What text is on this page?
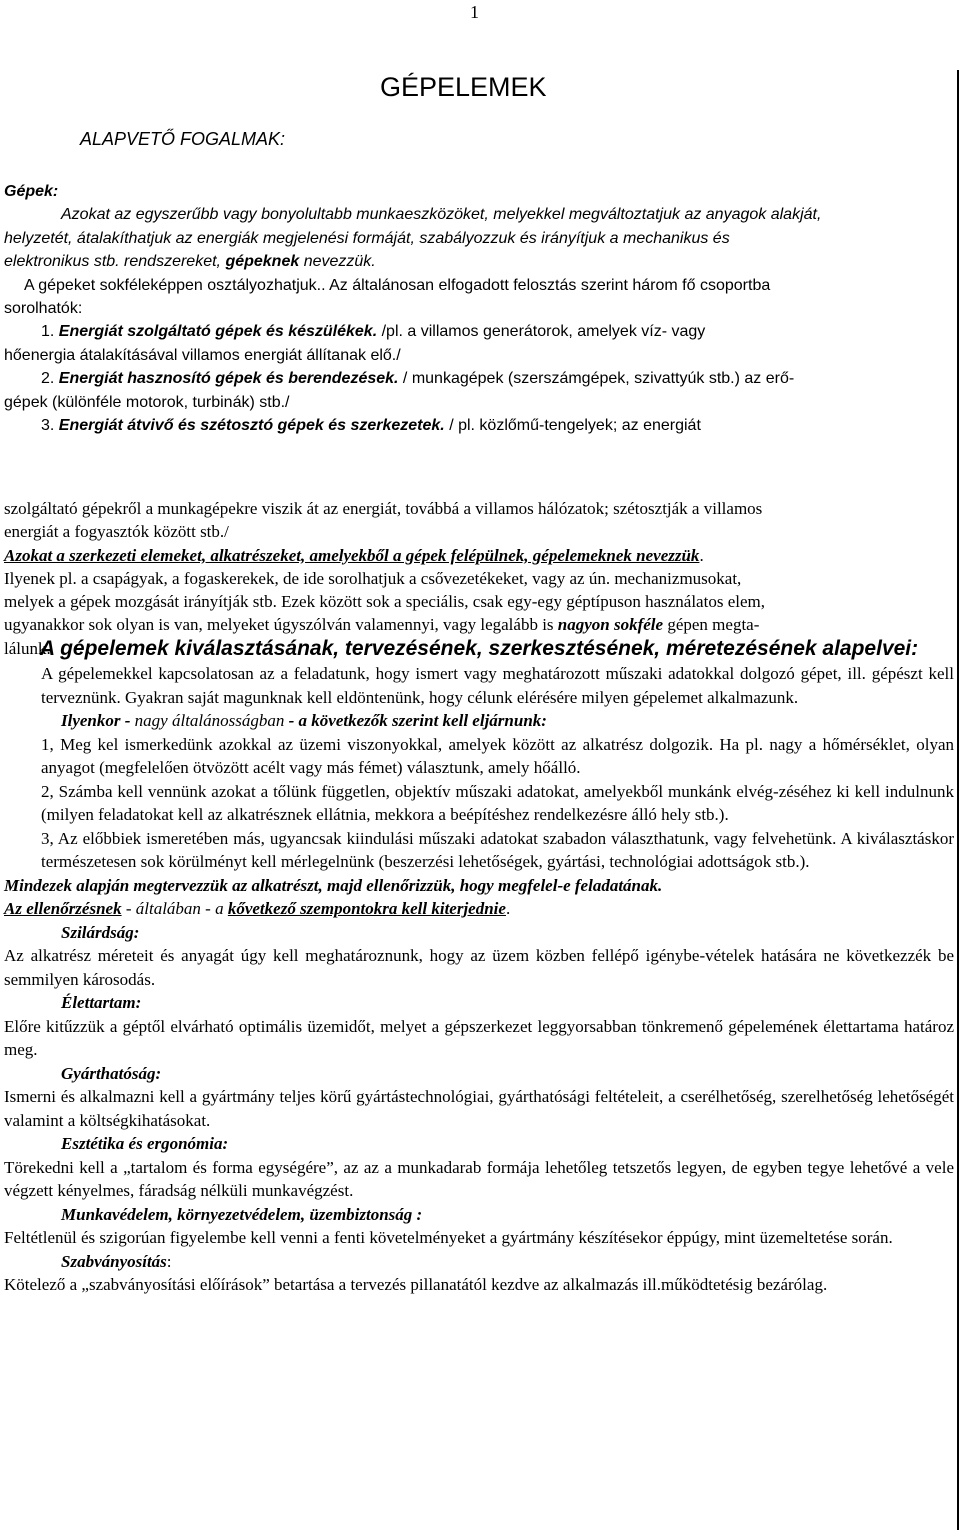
1
GÉPELEMEK
ALAPVETŐ FOGALMAK:

Gépek:

Azokat az egyszerűbb vagy bonyolultabb munkaeszközöket, melyekkel megváltoztatjuk az anyagok alakját,

helyzetét, átalakíthatjuk az energiák megjelenési formáját, szabályozzuk és irányítjuk a mechanikus és

elektronikus stb. rendszereket, gépeknek nevezzük.

A gépeket sokféleképpen osztályozhatjuk.. Az általánosan elfogadott felosztás szerint három fő csoportba

sorolhatók:

1. Energiát szolgáltató gépek és készülékek. /pl. a villamos generátorok, amelyek víz- vagy

hőenergia átalakításával villamos energiát állítanak elő./

2. Energiát hasznosító gépek és berendezések. / munkagépek (szerszámgépek, szivattyúk stb.) az erő-

gépek (különféle motorok, turbinák) stb./

3. Energiát átvivő és szétosztó gépek és szerkezetek. / pl. közlőmű-tengelyek; az energiát

szolgáltató gépekről a munkagépekre viszik át az energiát, továbbá a villamos hálózatok; szétosztják a villamos

energiát a fogyasztók között stb./

Azokat a szerkezeti elemeket, alkatrészeket, amelyekből a gépek felépülnek, gépelemeknek nevezzük.

Ilyenek pl. a csapágyak, a fogaskerekek, de ide sorolhatjuk a csővezetékeket, vagy az ún. mechanizmusokat,

melyek a gépek mozgását irányítják stb. Ezek között sok a speciális, csak egy-egy géptípuson használatos elem,

ugyanakkor sok olyan is van, melyeket úgyszólván valamennyi, vagy legalább is nagyon sokféle gépen megta-

lálunk.

A gépelemek kiválasztásának, tervezésének, szerkesztésének, méretezésének alapelvei:

A gépelemekkel kapcsolatosan az a feladatunk, hogy ismert vagy meghatározott műszaki adatokkal dolgozó gépet, ill. gépészt kell terveznünk. Gyakran saját magunknak kell eldöntenünk, hogy célunk elérésére milyen gépelemet alkalmazunk.

Ilyenkor - nagy általánosságban - a következők szerint kell eljárnunk:

1, Meg kel ismerkedünk azokkal az üzemi viszonyokkal, amelyek között az alkatrész dolgozik. Ha pl. nagy a hőmérséklet, olyan anyagot (megfelelően ötvözött acélt vagy más fémet) választunk, amely hőálló.

2, Számba kell vennünk azokat a tőlünk független, objektív műszaki adatokat, amelyekből munkánk elvég-zéséhez ki kell indulnunk (milyen feladatokat kell az alkatrésznek ellátnia, mekkora a beépítéshez rendelkezésre álló hely stb.).

3, Az előbbiek ismeretében más, ugyancsak kiindulási műszaki adatokat szabadon választhatunk, vagy felvehetünk. A kiválasztáskor természetesen sok körülményt kell mérlegelnünk (beszerzési lehetőségek, gyártási, technológiai adottságok stb.).

Mindezek alapján megtervezzük az alkatrészt, majd ellenőrizzük, hogy megfelel-e feladatának.

Az ellenőrzésnek - általában - a kővetkező szempontokra kell kiterjednie.

Szilárdság:

Az alkatrész méreteit és anyagát úgy kell meghatároznunk, hogy az üzem közben fellépő igénybe-vételek hatására ne következzék be semmilyen károsodás.

Élettartam:

Előre kitűzzük a géptől elvárható optimális üzemidőt, melyet a gépszerkezet leggyorsabban tönkremenő gépelemének élettartama határoz meg.

Gyárthatóság:

Ismerni és alkalmazni kell a gyártmány teljes körű gyártástechnológiai, gyárthatósági feltételeit, a cserélhetőség, szerelhetőség lehetőségét valamint a költségkihatásokat.

Esztétika és ergonómia:

Törekedni kell a „tartalom és forma egységére”, az az a munkadarab formája lehetőleg tetszetős legyen, de egyben tegye lehetővé a vele végzett kényelmes, fáradság nélküli munkavégzést.

Munkavédelem, környezetvédelem, üzembiztonság :

Feltétlenül és szigorúan figyelembe kell venni a fenti követelményeket a gyártmány készítésekor éppúgy, mint üzemeltetése során.

Szabványosítás:

Kötelező a „szabványosítási előírások” betartása a tervezés pillanatától kezdve az alkalmazás ill.működtetésig bezárólag.
